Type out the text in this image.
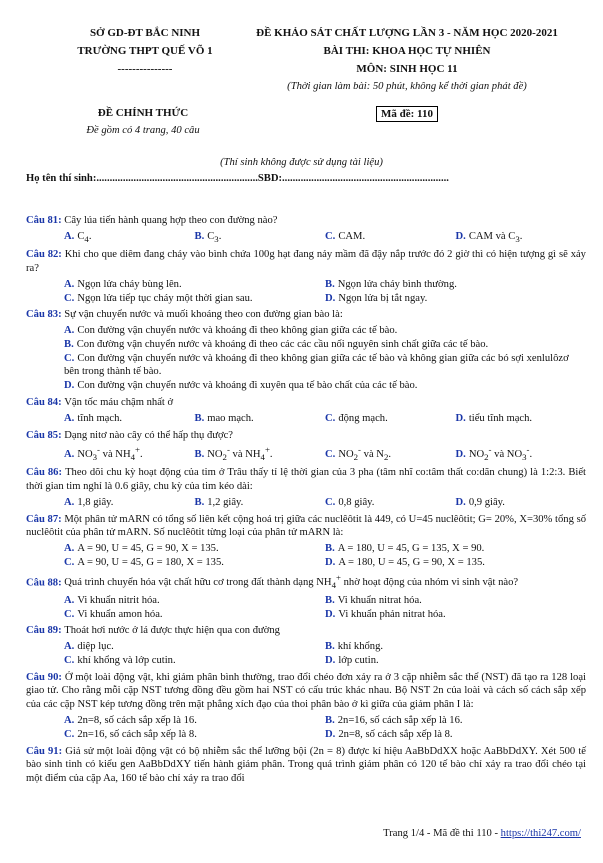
SỞ GD-ĐT BẮC NINH
TRƯỜNG THPT QUẾ VÕ 1
---------------
ĐỀ KHẢO SÁT CHẤT LƯỢNG LẦN 3 - NĂM HỌC 2020-2021
BÀI THI: KHOA HỌC TỰ NHIÊN
MÔN: SINH HỌC 11
(Thời gian làm bài: 50 phút, không kể thời gian phát đề)
ĐỀ CHÍNH THỨC
Đề gồm có 4 trang, 40 câu
Mã đề: 110
(Thí sinh không được sử dụng tài liệu)
Họ tên thí sinh:.............................................................SBD:...............................................................
Câu 81: Cây lúa tiến hành quang hợp theo con đường nào?
A. $C_4$.	B. $C_3$.	C. CAM.	D. CAM và $C_3$.
Câu 82: Khi cho que diêm đang cháy vào bình chứa 100g hạt đang nảy mầm đã đậy nắp trước đó 2 giờ thì có hiện tượng gì sẽ xảy ra?
A. Ngọn lửa cháy bùng lên.	B. Ngọn lửa cháy bình thường.
C. Ngọn lửa tiếp tục cháy một thời gian sau.	D. Ngọn lửa bị tắt ngay.
Câu 83: Sự vận chuyển nước và muối khoáng theo con đường gian bào là:
A. Con đường vận chuyển nước và khoáng đi theo không gian giữa các tế bào.
B. Con đường vận chuyển nước và khoáng đi theo các các cầu nối nguyên sinh chất giữa các tế bào.
C. Con đường vận chuyển nước và khoáng đi theo không gian giữa các tế bào và không gian giữa các bó sợi xenlulôzơ bên trong thành tế bào.
D. Con đường vận chuyển nước và khoáng đi xuyên qua tế bào chất của các tế bào.
Câu 84: Vận tốc máu chậm nhất ở
A. tĩnh mạch.	B. mao mạch.	C. động mạch.	D. tiểu tĩnh mạch.
Câu 85: Dạng nitơ nào cây có thể hấp thụ được?
A. $NO_3^-$ và $NH_4^+$.	B. $NO_2^-$ và $NH_4^+$.	C. $NO_2^-$ và $N_2$.	D. $NO_2^-$ và $NO_3^-$.
Câu 86: Theo dõi chu kỳ hoạt động của tim ở Trâu thấy tỉ lệ thời gian của 3 pha (tâm nhĩ co:tâm thất co:dãn chung) là 1:2:3. Biết thời gian tim nghỉ là 0.6 giây, chu kỳ của tim kéo dài:
A. 1,8 giây.	B. 1,2 giây.	C. 0,8 giây.	D. 0,9 giây.
Câu 87: Một phân tử mARN có tổng số liên kết cộng hoá trị giữa các nuclêôtit là 449, có U=45 nuclêôtit; G= 20%, X=30% tổng số nuclêôtit của phân tử mARN. Số nuclêôtit từng loại của phân tử mARN là:
A. A = 90, U = 45, G = 90, X = 135.	B. A = 180, U = 45, G = 135, X = 90.
C. A = 90, U = 45, G = 180, X = 135.	D. A = 180, U = 45, G = 90, X = 135.
Câu 88: Quá trình chuyển hóa vật chất hữu cơ trong đất thành dạng $NH_4^+$ nhờ hoạt động của nhóm vi sinh vật nào?
A. Vi khuẩn nitrit hóa.	B. Vi khuẩn nitrat hóa.
C. Vi khuẩn amon hóa.	D. Vi khuẩn phản nitrat hóa.
Câu 89: Thoát hơi nước ở lá được thực hiện qua con đường
A. diệp lục.	B. khí khổng.
C. khí khổng và lớp cutin.	D. lớp cutin.
Câu 90: Ở một loài động vật, khi giảm phân bình thường, trao đổi chéo đơn xảy ra ở 3 cặp nhiễm sắc thể (NST) đã tạo ra 128 loại giao tử. Cho rằng mỗi cặp NST tương đồng đều gồm hai NST có cấu trúc khác nhau. Bộ NST 2n của loài và cách số cách sắp xếp của các cặp NST kép tương đồng trên mặt phẳng xích đạo của thoi phân bào ở kì giữa của giảm phân I là:
A. 2n=8, số cách sắp xếp là 16.	B. 2n=16, số cách sắp xếp là 16.
C. 2n=16, số cách sắp xếp là 8.	D. 2n=8, số cách sắp xếp là 8.
Câu 91: Giả sử một loài động vật có bộ nhiễm sắc thể lưỡng bội (2n = 8) được kí hiệu AaBbDdXX hoặc AaBbDdXY. Xét 500 tế bào sinh tinh có kiểu gen AaBbDdXY tiến hành giảm phân. Trong quá trình giảm phân có 120 tế bào chỉ xảy ra trao đổi chéo tại một điểm của cặp Aa, 160 tế bào chỉ xảy ra trao đổi
Trang 1/4 - Mã đề thi 110 - https://thi247.com/
